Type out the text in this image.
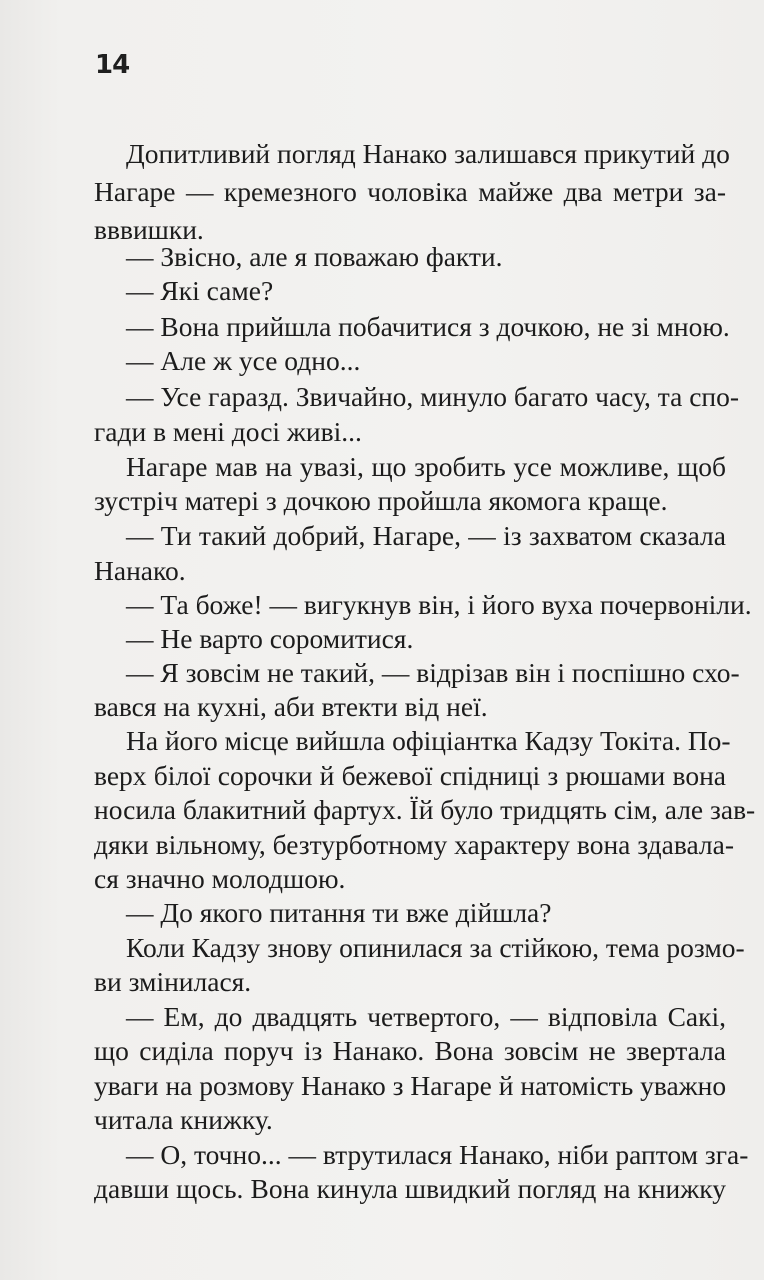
14
Допитливий погляд Нанако залишався прикутий до
Нагаре — кремезного чоловіка майже два метри за-
вввишки.
— Звісно, але я поважаю факти.
— Які саме?
— Вона прийшла побачитися з дочкою, не зі мною.
— Але ж усе одно...
— Усе гаразд. Звичайно, минуло багато часу, та спо-
гади в мені досі живі...
Нагаре мав на увазі, що зробить усе можливе, щоб
зустріч матері з дочкою пройшла якомога краще.
— Ти такий добрий, Нагаре, — із захватом сказала
Нанако.
— Та боже! — вигукнув він, і його вуха почервоніли.
— Не варто соромитися.
— Я зовсім не такий, — відрізав він і поспішно схо-
вався на кухні, аби втекти від неї.
На його місце вийшла офіціантка Кадзу Токіта. По-
верх білої сорочки й бежевої спідниці з рюшами вона
носила блакитний фартух. Їй було тридцять сім, але зав-
дяки вільному, безтурботному характеру вона здавала-
ся значно молодшою.
— До якого питання ти вже дійшла?
Коли Кадзу знову опинилася за стійкою, тема розмо-
ви змінилася.
— Ем, до двадцять четвертого, — відповіла Сакі,
що сиділа поруч із Нанако. Вона зовсім не звертала
уваги на розмову Нанако з Нагаре й натомість уважно
читала книжку.
— О, точно... — втрутилася Нанако, ніби раптом зга-
давши щось. Вона кинула швидкий погляд на книжку
